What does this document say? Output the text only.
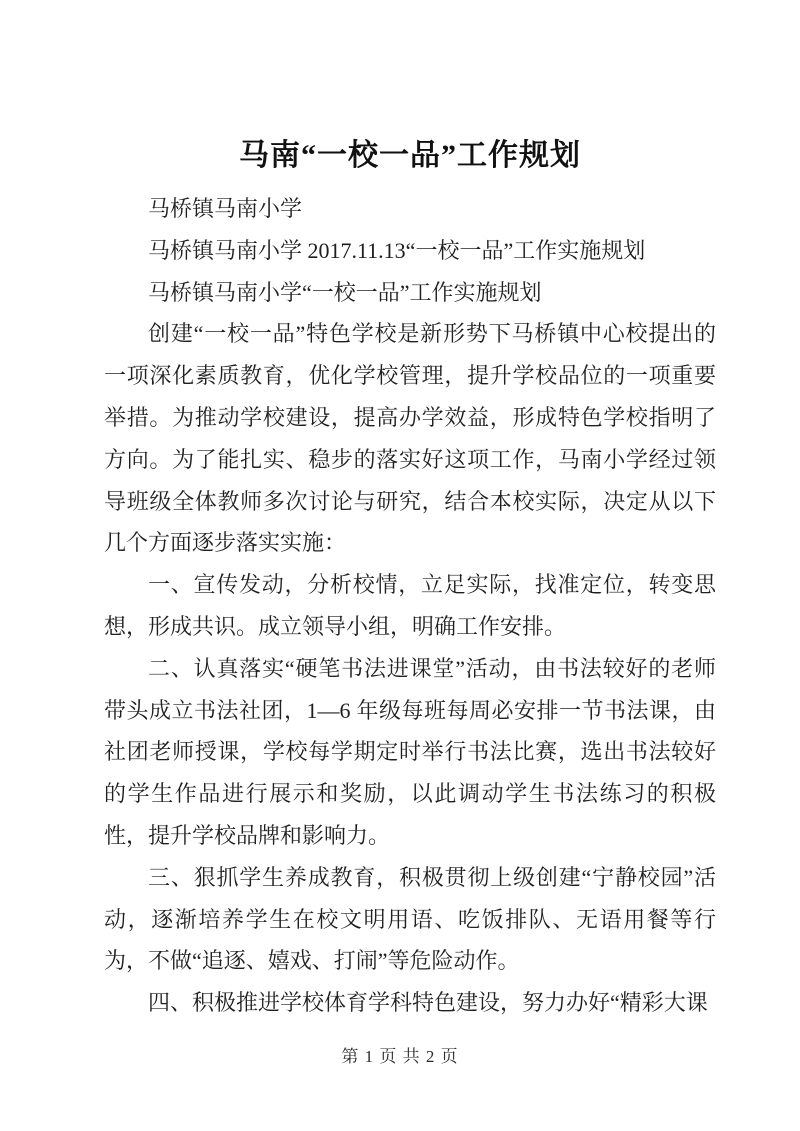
马南“一校一品”工作规划

马桥镇马南小学

马桥镇马南小学 2017.11.13“一校一品”工作实施规划

马桥镇马南小学“一校一品”工作实施规划

创建“一校一品”特色学校是新形势下马桥镇中心校提出的一项深化素质教育，优化学校管理，提升学校品位的一项重要举措。为推动学校建设，提高办学效益，形成特色学校指明了方向。为了能扎实、稳步的落实好这项工作，马南小学经过领导班级全体教师多次讨论与研究，结合本校实际，决定从以下几个方面逐步落实实施：

一、宣传发动，分析校情，立足实际，找准定位，转变思想，形成共识。成立领导小组，明确工作安排。

二、认真落实“硬笔书法进课堂”活动，由书法较好的老师带头成立书法社团，1—6 年级每班每周必安排一节书法课，由社团老师授课，学校每学期定时举行书法比赛，选出书法较好的学生作品进行展示和奖励，以此调动学生书法练习的积极性，提升学校品牌和影响力。

三、狠抓学生养成教育，积极贯彻上级创建“宁静校园”活动，逐渐培养学生在校文明用语、吃饭排队、无语用餐等行为，不做“追逐、嬉戏、打闹”等危险动作。

四、积极推进学校体育学科特色建设，努力办好“精彩大课

第 1 页 共 2 页
